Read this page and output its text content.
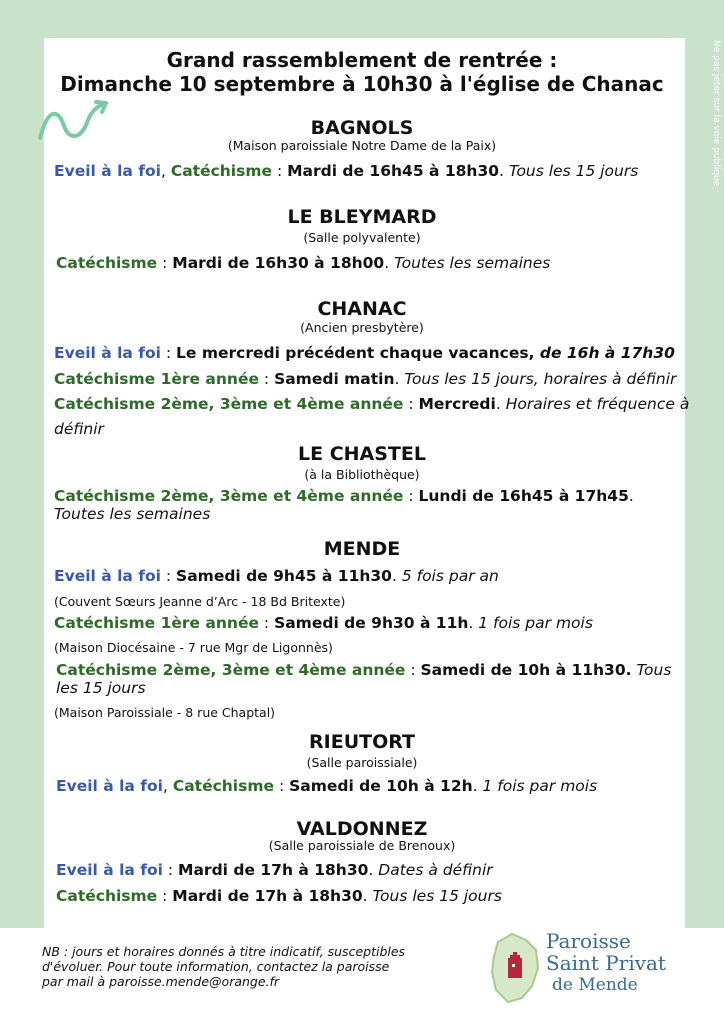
Ne pas jeter sur la voie publique
Grand rassemblement de rentrée :
Dimanche 10 septembre à 10h30 à l'église de Chanac
BAGNOLS
(Maison paroissiale Notre Dame de la Paix)
Eveil à la foi, Catéchisme : Mardi de 16h45 à 18h30. Tous les 15 jours
LE BLEYMARD
(Salle polyvalente)
Catéchisme : Mardi de 16h30 à 18h00. Toutes les semaines
CHANAC
(Ancien presbytère)
Eveil à la foi : Le mercredi précédent chaque vacances, de 16h à 17h30
Catéchisme 1ère année : Samedi matin. Tous les 15 jours, horaires à définir
Catéchisme 2ème, 3ème et 4ème année : Mercredi. Horaires et fréquence à
définir
LE CHASTEL
(à la Bibliothèque)
Catéchisme 2ème, 3ème et 4ème année : Lundi de 16h45 à 17h45. Toutes les semaines
MENDE
Eveil à la foi : Samedi de 9h45 à 11h30. 5 fois par an
(Couvent Sœurs Jeanne d’Arc - 18 Bd Britexte)
Catéchisme 1ère année : Samedi de 9h30 à 11h. 1 fois par mois
(Maison Diocésaine - 7 rue Mgr de Ligonnès)
Catéchisme 2ème, 3ème et 4ème année : Samedi de 10h à 11h30. Tous les 15 jours
(Maison Paroissiale - 8 rue Chaptal)
RIEUTORT
(Salle paroissiale)
Eveil à la foi, Catéchisme : Samedi de 10h à 12h. 1 fois par mois
VALDONNEZ
(Salle paroissiale de Brenoux)
Eveil à la foi : Mardi de 17h à 18h30. Dates à définir
Catéchisme : Mardi de 17h à 18h30. Tous les 15 jours
NB : jours et horaires donnés à titre indicatif, susceptibles
d'évoluer. Pour toute information, contactez la paroisse
par mail à paroisse.mende@orange.fr
Paroisse
Saint Privat
de Mende
